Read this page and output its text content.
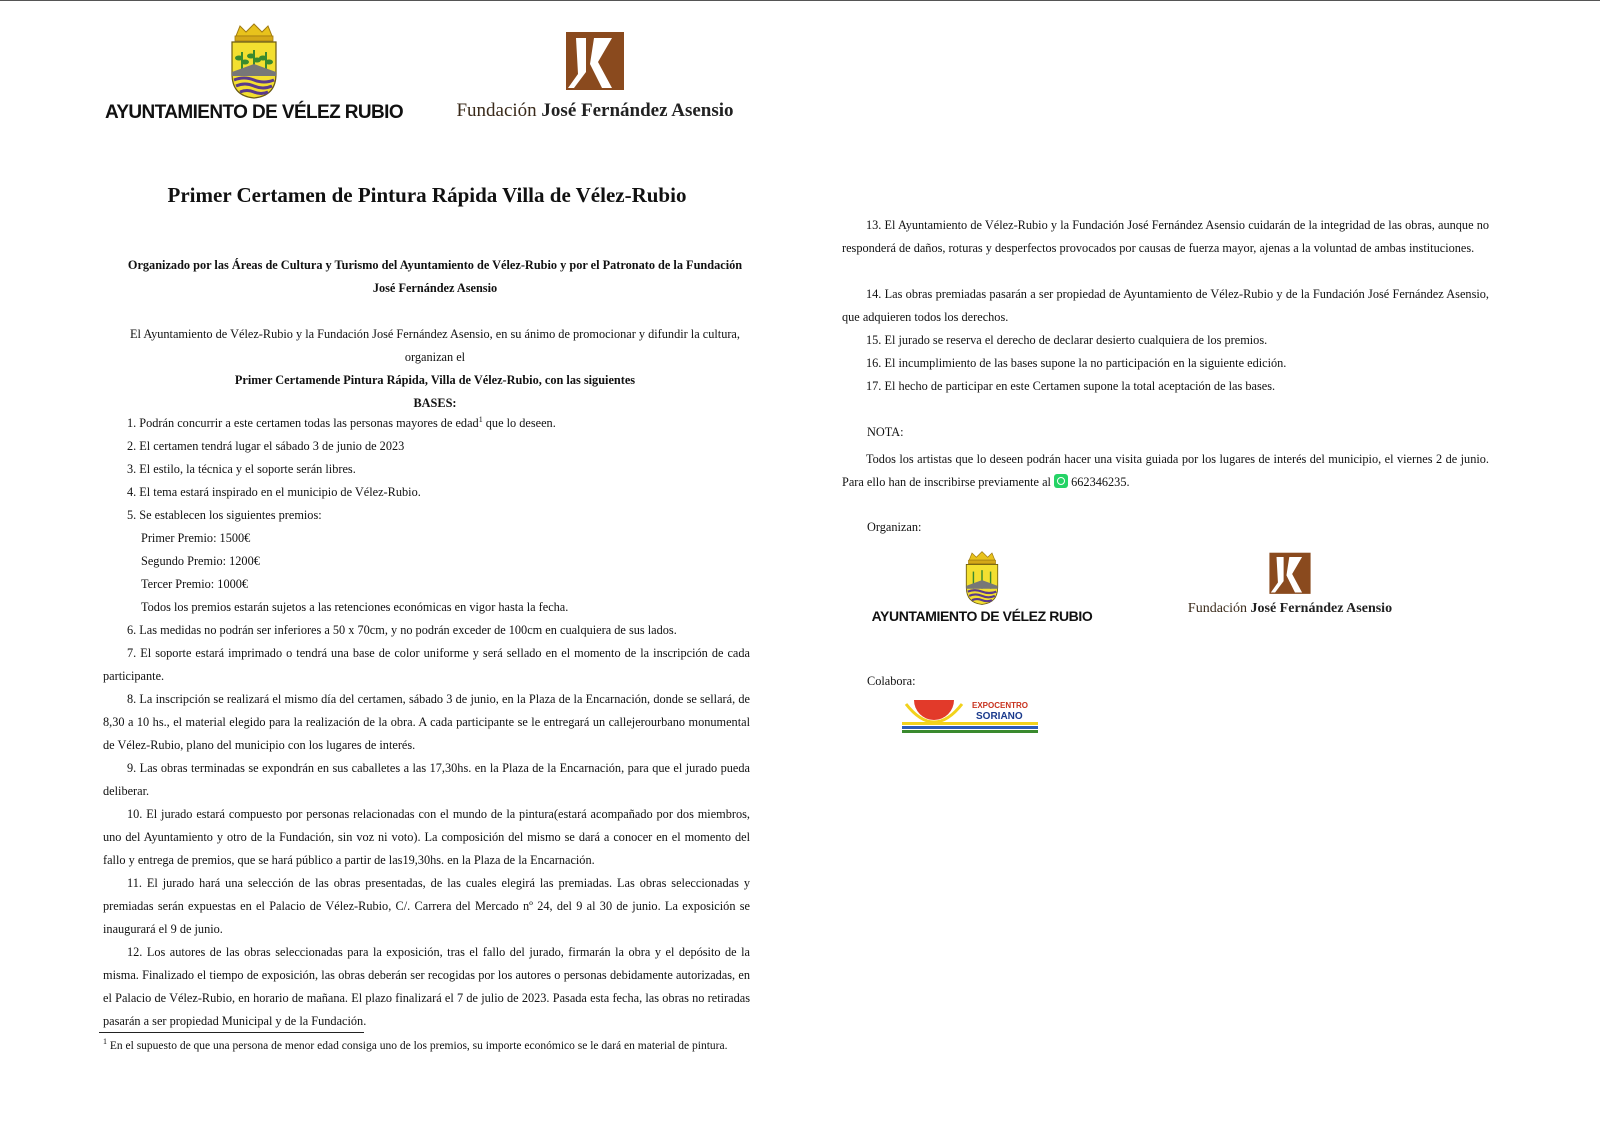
AYUNTAMIENTO DE VÉLEZ RUBIO	Fundación José Fernández Asensio
Primer Certamen de Pintura Rápida Villa de Vélez-Rubio

Organizado por las Áreas de Cultura y Turismo del Ayuntamiento de Vélez-Rubio y por el Patronato de la Fundación José Fernández Asensio

El Ayuntamiento de Vélez-Rubio y la Fundación José Fernández Asensio, en su ánimo de promocionar y difundir la cultura, organizan el
Primer Certamende Pintura Rápida, Villa de Vélez-Rubio, con las siguientes
BASES:

1. Podrán concurrir a este certamen todas las personas mayores de edad$^1$ que lo deseen.

2. El certamen tendrá lugar el sábado 3 de junio de 2023

3. El estilo, la técnica y el soporte serán libres.

4. El tema estará inspirado en el municipio de Vélez-Rubio.

5. Se establecen los siguientes premios:

Primer Premio: 1500€

Segundo Premio: 1200€

Tercer Premio: 1000€

Todos los premios estarán sujetos a las retenciones económicas en vigor hasta la fecha.

6. Las medidas no podrán ser inferiores a 50 x 70cm, y no podrán exceder de 100cm en cualquiera de sus lados.

7. El soporte estará imprimado o tendrá una base de color uniforme y será sellado en el momento de la inscripción de cada participante.

8. La inscripción se realizará el mismo día del certamen, sábado 3 de junio, en la Plaza de la Encarnación, donde se sellará, de 8,30 a 10 hs., el material elegido para la realización de la obra. A cada participante se le entregará un callejerourbano monumental de Vélez-Rubio, plano del municipio con los lugares de interés.

9. Las obras terminadas se expondrán en sus caballetes a las 17,30hs. en la Plaza de la Encarnación, para que el jurado pueda deliberar.

10. El jurado estará compuesto por personas relacionadas con el mundo de la pintura(estará acompañado por dos miembros, uno del Ayuntamiento y otro de la Fundación, sin voz ni voto). La composición del mismo se dará a conocer en el momento del fallo y entrega de premios, que se hará público a partir de las19,30hs. en la Plaza de la Encarnación.

11. El jurado hará una selección de las obras presentadas, de las cuales elegirá las premiadas. Las obras seleccionadas y premiadas serán expuestas en el Palacio de Vélez-Rubio, C/. Carrera del Mercado nº 24, del 9 al 30 de junio. La exposición se inaugurará el 9 de junio.

12. Los autores de las obras seleccionadas para la exposición, tras el fallo del jurado, firmarán la obra y el depósito de la misma. Finalizado el tiempo de exposición, las obras deberán ser recogidas por los autores o personas debidamente autorizadas, en el Palacio de Vélez-Rubio, en horario de mañana. El plazo finalizará el 7 de julio de 2023. Pasada esta fecha, las obras no retiradas pasarán a ser propiedad Municipal y de la Fundación.

$^1$ En el supuesto de que una persona de menor edad consiga uno de los premios, su importe económico se le dará en material de pintura.

13. El Ayuntamiento de Vélez-Rubio y la Fundación José Fernández Asensio cuidarán de la integridad de las obras, aunque no responderá de daños, roturas y desperfectos provocados por causas de fuerza mayor, ajenas a la voluntad de ambas instituciones.

14. Las obras premiadas pasarán a ser propiedad de Ayuntamiento de Vélez-Rubio y de la Fundación José Fernández Asensio, que adquieren todos los derechos.

15. El jurado se reserva el derecho de declarar desierto cualquiera de los premios.

16. El incumplimiento de las bases supone la no participación en la siguiente edición.

17. El hecho de participar en este Certamen supone la total aceptación de las bases.

NOTA:

Todos los artistas que lo deseen podrán hacer una visita guiada por los lugares de interés del municipio, el viernes 2 de junio. Para ello han de inscribirse previamente al 662346235.

Organizan:

AYUNTAMIENTO DE VÉLEZ RUBIO	Fundación José Fernández Asensio

Colabora:

EXPOCENTRO
SORIANO
